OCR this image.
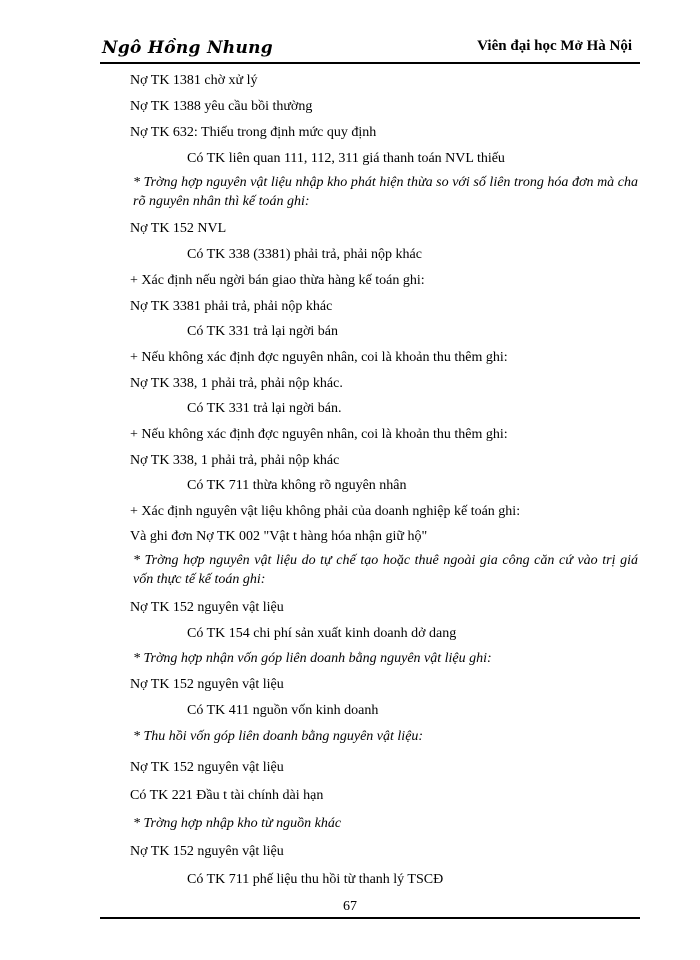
Ngô Hồng Nhung	Viên đại học Mở Hà Nội
Nợ TK 1381 chờ xử lý
Nợ TK 1388 yêu cầu bồi thường
Nợ TK 632: Thiếu trong định mức quy định
Có TK liên quan 111, 112, 311 giá thanh toán NVL thiếu
* Trờng hợp nguyên vật liệu nhập kho phát hiện thừa so với số liên trong hóa đơn mà cha rõ nguyên nhân thì kế toán ghi:
Nợ TK 152 NVL
Có TK 338 (3381) phải trả, phải nộp khác
+ Xác định nếu ngời bán giao thừa hàng kế toán ghi:
Nợ TK 3381 phải trả, phải nộp khác
Có TK 331 trả lại ngời bán
+ Nếu không xác định đợc nguyên nhân, coi là khoản thu thêm ghi:
Nợ TK 338, 1 phải trả, phải nộp khác.
Có TK 331 trả lại ngời bán.
+ Nếu không xác định đợc nguyên nhân, coi là khoản thu thêm ghi:
Nợ TK 338, 1 phải trả, phải nộp khác
Có TK 711 thừa không rõ nguyên nhân
+ Xác định nguyên vật liệu không phải của doanh nghiệp kế toán ghi:
Và ghi đơn Nợ TK 002 "Vật t hàng hóa nhận giữ hộ"
* Trờng hợp nguyên vật liệu do tự chế tạo hoặc thuê ngoài gia công căn cứ vào trị giá vốn thực tế kế toán ghi:
Nợ TK 152 nguyên vật liệu
Có TK 154 chi phí sản xuất kinh doanh dở dang
* Trờng hợp nhận vốn góp liên doanh bằng nguyên vật liệu ghi:
Nợ TK 152 nguyên vật liệu
Có TK 411 nguồn vốn kinh doanh
* Thu hồi vốn góp liên doanh bằng nguyên vật liệu:
Nợ TK 152 nguyên vật liệu
Có TK 221 Đầu t tài chính dài hạn
* Trờng hợp nhập kho từ nguồn khác
Nợ TK 152 nguyên vật liệu
Có TK 711 phế liệu thu hồi từ thanh lý TSCĐ
67
